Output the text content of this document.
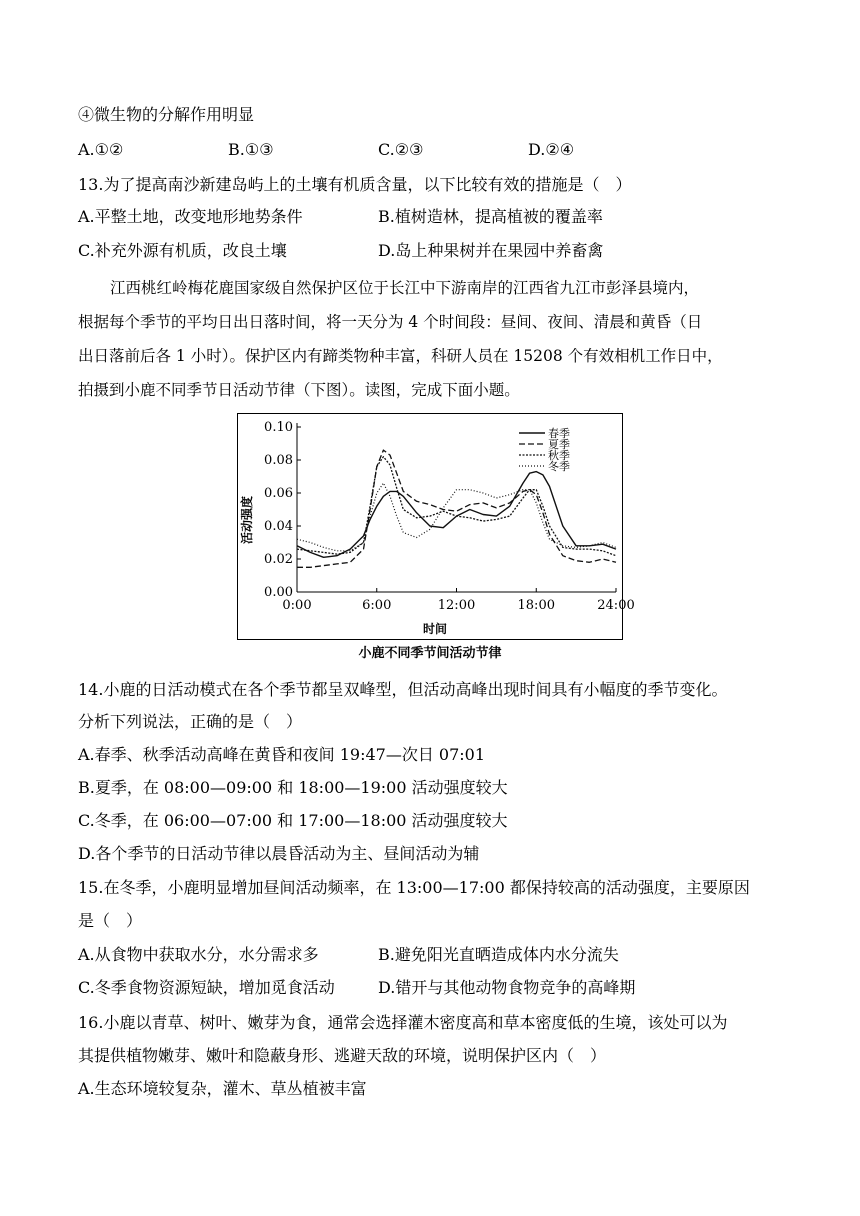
④微生物的分解作用明显
A.①②	B.①③	C.②③	D.②④
13.为了提高南沙新建岛屿上的土壤有机质含量，以下比较有效的措施是（　）
A.平整土地，改变地形地势条件	B.植树造林，提高植被的覆盖率
C.补充外源有机质，改良土壤	D.岛上种果树并在果园中养畜禽
江西桃红岭梅花鹿国家级自然保护区位于长江中下游南岸的江西省九江市彭泽县境内，
根据每个季节的平均日出日落时间，将一天分为 4 个时间段：昼间、夜间、清晨和黄昏（日
出日落前后各 1 小时）。保护区内有蹄类物种丰富，科研人员在 15208 个有效相机工作日中，
拍摄到小鹿不同季节日活动节律（下图）。读图，完成下面小题。
0.00
0.02
0.04
0.06
0.08
0.10
0:00	6:00	12:00	18:00	24:00
春季
夏季
秋季
冬季
活动强度
时间
小鹿不同季节间活动节律
14.小鹿的日活动模式在各个季节都呈双峰型，但活动高峰出现时间具有小幅度的季节变化。
分析下列说法，正确的是（　）
A.春季、秋季活动高峰在黄昏和夜间 19:47—次日 07:01
B.夏季，在 08:00—09:00 和 18:00—19:00 活动强度较大
C.冬季，在 06:00—07:00 和 17:00—18:00 活动强度较大
D.各个季节的日活动节律以晨昏活动为主、昼间活动为辅
15.在冬季，小鹿明显增加昼间活动频率，在 13:00—17:00 都保持较高的活动强度，主要原因
是（　）
A.从食物中获取水分，水分需求多	B.避免阳光直晒造成体内水分流失
C.冬季食物资源短缺，增加觅食活动	D.错开与其他动物食物竞争的高峰期
16.小鹿以青草、树叶、嫩芽为食，通常会选择灌木密度高和草本密度低的生境，该处可以为
其提供植物嫩芽、嫩叶和隐蔽身形、逃避天敌的环境，说明保护区内（　）
A.生态环境较复杂，灌木、草丛植被丰富
